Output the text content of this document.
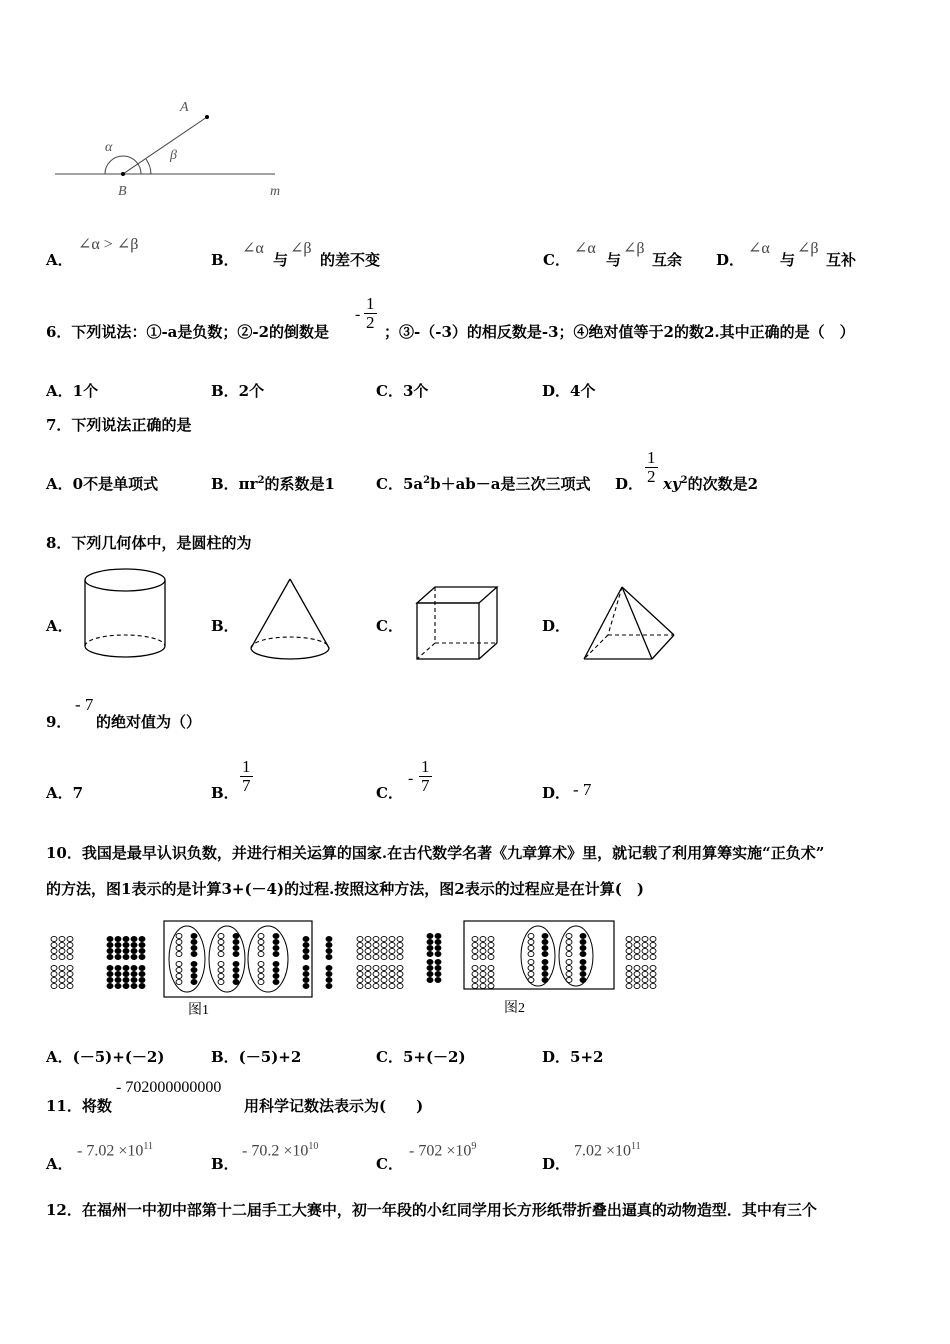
A
α
β
B	m
A．
∠α > ∠β
B．
∠α
与
∠β
的差不变	C．
∠α
与
∠β
互余 D．
∠α
与
∠β
互补
6．下列说法：①-a是负数；②-2的倒数是
- $\frac{1}{2}$ ；③-（-3）的相反数是-3；④绝对值等于2的数2.其中正确的是（　）
A．1个	B．2个	C．3个	D．4个
7．下列说法正确的是
A．0不是单项式	B．$\pi r^2$的系数是1	C．$5a^2b+ab-a$是三次三项式 D． $\frac{1}{2} xy^2$的次数是2
8．下列几何体中，是圆柱的为
A．	B．	C．	D．
- 7
9． 的绝对值为（）
A．7	B． $\frac{1}{7}$	C．
- $\frac{1}{7}$	D． - 7
10．我国是最早认识负数，并进行相关运算的国家.在古代数学名著《九章算术》里，就记载了利用算筹实施“正负术”
的方法，图1表示的是计算3+(－4)的过程.按照这种方法，图2表示的过程应是在计算(　)
图1	图2
A．(－5)+(－2)	B．(－5)+2	C．5+(－2)	D．5+2
11．将数
- 702000000000
用科学记数法表示为(　　)
A．
- $7.02 \times 10^{11}$
B．
- $70.2 \times 10^{10}$
C．
- $702 \times 10^9$
D．
$7.02 \times 10^{11}$
12．在福州一中初中部第十二届手工大赛中，初一年段的小红同学用长方形纸带折叠出逼真的动物造型．其中有三个
